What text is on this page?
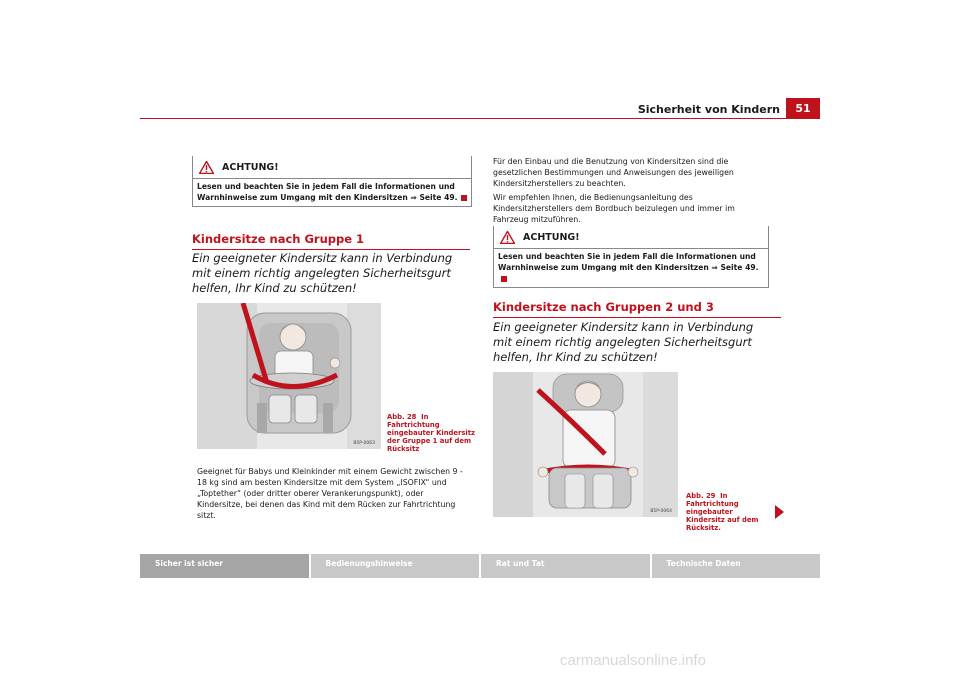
Sicherheit von Kindern	51
ACHTUNG!
Lesen und beachten Sie in jedem Fall die Informationen und Warnhinweise zum Umgang mit den Kindersitzen ⇒ Seite 49.
Kindersitze nach Gruppe 1
Ein geeigneter Kindersitz kann in Verbindung mit einem richtig angelegten Sicherheitsgurt helfen, Ihr Kind zu schützen!
B5P-0063
Abb. 28 In Fahrtrichtung eingebauter Kindersitz der Gruppe 1 auf dem Rücksitz
Geeignet für Babys und Kleinkinder mit einem Gewicht zwischen 9 - 18 kg sind am besten Kindersitze mit dem System „ISOFIX“ und „Toptether“ (oder dritter oberer Verankerungspunkt), oder Kindersitze, bei denen das Kind mit dem Rücken zur Fahrtrichtung sitzt.
Für den Einbau und die Benutzung von Kindersitzen sind die gesetzlichen Bestimmungen und Anweisungen des jeweiligen Kindersitzherstellers zu beachten.
Wir empfehlen Ihnen, die Bedienungsanleitung des Kindersitzherstellers dem Bordbuch beizulegen und immer im Fahrzeug mitzuführen.
ACHTUNG!
Lesen und beachten Sie in jedem Fall die Informationen und Warnhinweise zum Umgang mit den Kindersitzen ⇒ Seite 49.
Kindersitze nach Gruppen 2 und 3
Ein geeigneter Kindersitz kann in Verbindung mit einem richtig angelegten Sicherheitsgurt helfen, Ihr Kind zu schützen!
B5P-0064
Abb. 29 In Fahrtrichtung eingebauter Kindersitz auf dem Rücksitz.
Sicher ist sicher	Bedienungshinweise	Rat und Tat	Technische Daten
carmanualsonline.info
